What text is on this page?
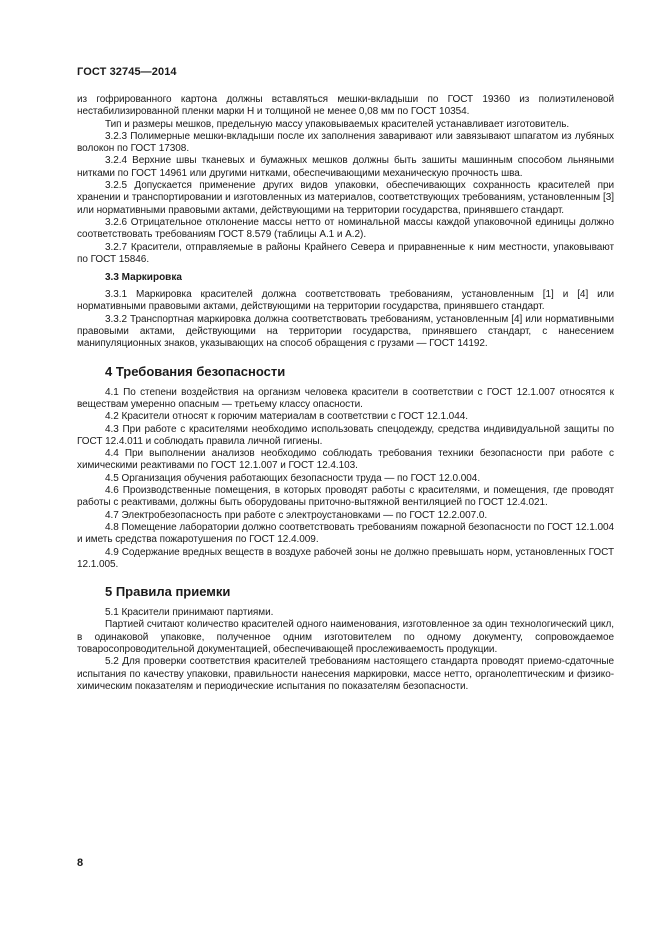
ГОСТ 32745—2014

из гофрированного картона должны вставляться мешки-вкладыши по ГОСТ 19360 из полиэтиленовой нестабилизированной пленки марки Н и толщиной не менее 0,08 мм по ГОСТ 10354.

Тип и размеры мешков, предельную массу упаковываемых красителей устанавливает изготовитель.

3.2.3 Полимерные мешки-вкладыши после их заполнения заваривают или завязывают шпагатом из лубяных волокон по ГОСТ 17308.

3.2.4 Верхние швы тканевых и бумажных мешков должны быть зашиты машинным способом льняными нитками по ГОСТ 14961 или другими нитками, обеспечивающими механическую прочность шва.

3.2.5 Допускается применение других видов упаковки, обеспечивающих сохранность красителей при хранении и транспортировании и изготовленных из материалов, соответствующих требованиям, установленным [3] или нормативными правовыми актами, действующими на территории государства, принявшего стандарт.

3.2.6 Отрицательное отклонение массы нетто от номинальной массы каждой упаковочной единицы должно соответствовать требованиям ГОСТ 8.579 (таблицы А.1 и А.2).

3.2.7 Красители, отправляемые в районы Крайнего Севера и приравненные к ним местности, упаковывают по ГОСТ 15846.

3.3 Маркировка

3.3.1 Маркировка красителей должна соответствовать требованиям, установленным [1] и [4] или нормативными правовыми актами, действующими на территории государства, принявшего стандарт.

3.3.2 Транспортная маркировка должна соответствовать требованиям, установленным [4] или нормативными правовыми актами, действующими на территории государства, принявшего стандарт, с нанесением манипуляционных знаков, указывающих на способ обращения с грузами — ГОСТ 14192.

4 Требования безопасности

4.1 По степени воздействия на организм человека красители в соответствии с ГОСТ 12.1.007 относятся к веществам умеренно опасным — третьему классу опасности.

4.2 Красители относят к горючим материалам в соответствии с ГОСТ 12.1.044.

4.3 При работе с красителями необходимо использовать спецодежду, средства индивидуальной защиты по ГОСТ 12.4.011 и соблюдать правила личной гигиены.

4.4 При выполнении анализов необходимо соблюдать требования техники безопасности при работе с химическими реактивами по ГОСТ 12.1.007 и ГОСТ 12.4.103.

4.5 Организация обучения работающих безопасности труда — по ГОСТ 12.0.004.

4.6 Производственные помещения, в которых проводят работы с красителями, и помещения, где проводят работы с реактивами, должны быть оборудованы приточно-вытяжной вентиляцией по ГОСТ 12.4.021.

4.7 Электробезопасность при работе с электроустановками — по ГОСТ 12.2.007.0.

4.8 Помещение лаборатории должно соответствовать требованиям пожарной безопасности по ГОСТ 12.1.004 и иметь средства пожаротушения по ГОСТ 12.4.009.

4.9 Содержание вредных веществ в воздухе рабочей зоны не должно превышать норм, установленных ГОСТ 12.1.005.

5 Правила приемки

5.1 Красители принимают партиями.

Партией считают количество красителей одного наименования, изготовленное за один технологический цикл, в одинаковой упаковке, полученное одним изготовителем по одному документу, сопровождаемое товаросопроводительной документацией, обеспечивающей прослеживаемость продукции.

5.2 Для проверки соответствия красителей требованиям настоящего стандарта проводят приемо-сдаточные испытания по качеству упаковки, правильности нанесения маркировки, массе нетто, органолептическим и физико-химическим показателям и периодические испытания по показателям безопасности.

8
